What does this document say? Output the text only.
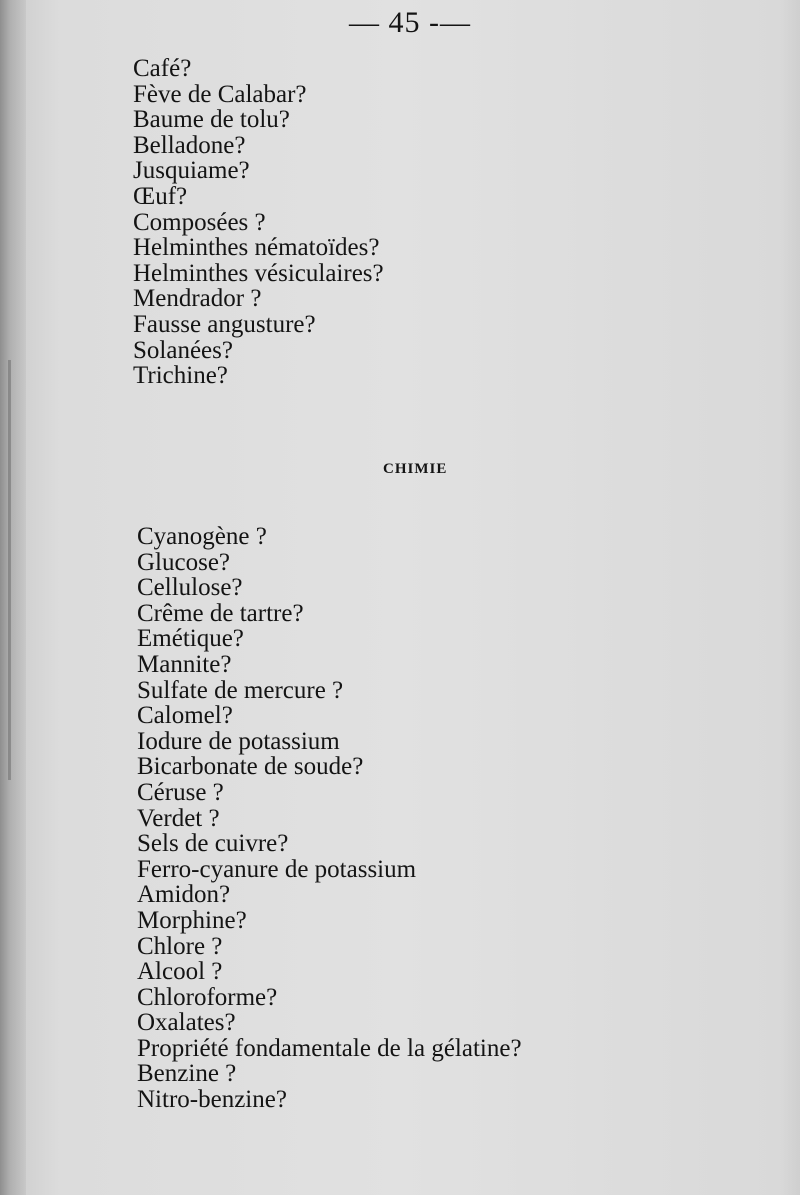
— 45 -—
Café?
Fève de Calabar?
Baume de tolu?
Belladone?
Jusquiame?
Œuf?
Composées ?
Helminthes nématoïdes?
Helminthes vésiculaires?
Mendrador ?
Fausse angusture?
Solanées?
Trichine?
CHIMIE
Cyanogène ?
Glucose?
Cellulose?
Crême de tartre?
Emétique?
Mannite?
Sulfate de mercure ?
Calomel?
Iodure de potassium
Bicarbonate de soude?
Céruse ?
Verdet ?
Sels de cuivre?
Ferro-cyanure de potassium
Amidon?
Morphine?
Chlore ?
Alcool ?
Chloroforme?
Oxalates?
Propriété fondamentale de la gélatine?
Benzine ?
Nitro-benzine?
